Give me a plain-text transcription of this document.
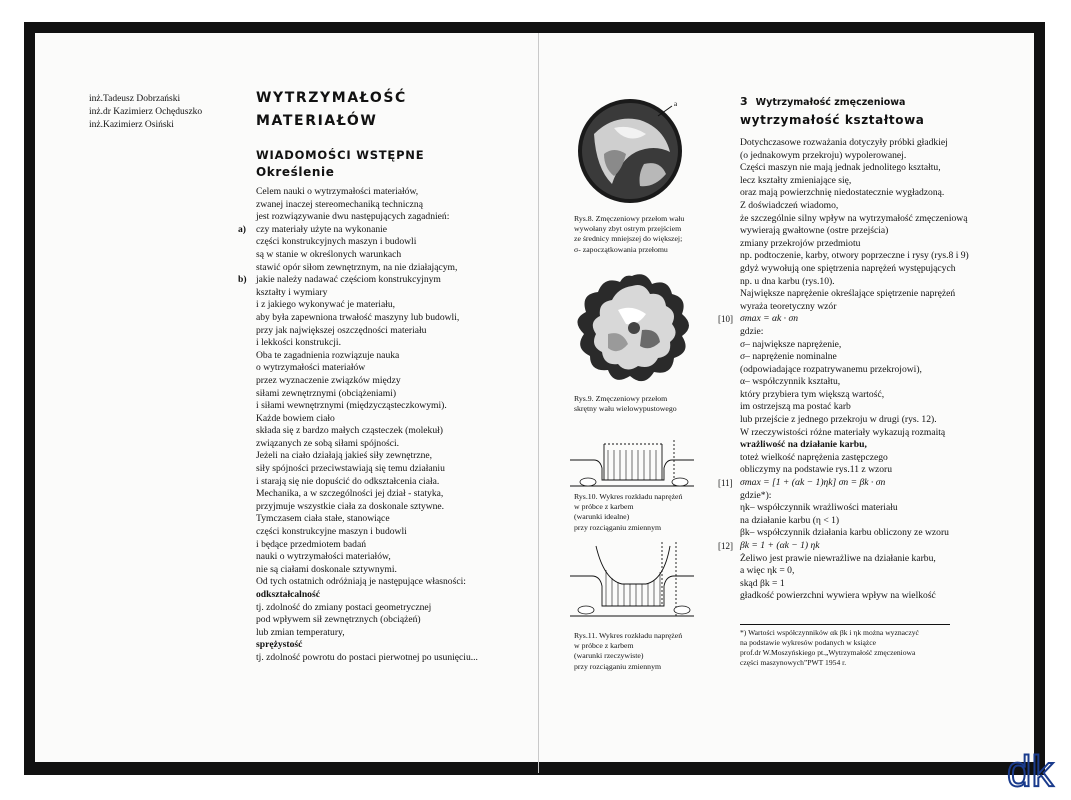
inż.Tadeusz Dobrzański
inż.dr Kazimierz Ochęduszko
inż.Kazimierz Osiński
WYTRZYMAŁOŚĆ
MATERIAŁÓW
WIADOMOŚCI WSTĘPNE
Określenie
Celem nauki o wytrzymałości materiałów,
zwanej inaczej stereomechaniką techniczną
jest rozwiązywanie dwu następujących zagadnień:
a) czy materiały użyte na wykonanie
części konstrukcyjnych maszyn i budowli
są w stanie w określonych warunkach
stawić opór siłom zewnętrznym, na nie działającym,
b) jakie należy nadawać częściom konstrukcyjnym
kształty i wymiary
i z jakiego wykonywać je materiału,
aby była zapewniona trwałość maszyny lub budowli,
przy jak największej oszczędności materiału
i lekkości konstrukcji.
Oba te zagadnienia rozwiązuje nauka
o wytrzymałości materiałów
przez wyznaczenie związków między
siłami zewnętrznymi (obciążeniami)
i siłami wewnętrznymi (międzycząsteczkowymi).
Każde bowiem ciało
składa się z bardzo małych cząsteczek (molekuł)
związanych ze sobą siłami spójności.
Jeżeli na ciało działają jakieś siły zewnętrzne,
siły spójności przeciwstawiają się temu działaniu
i starają się nie dopuścić do odkształcenia ciała.
Mechanika, a w szczególności jej dział - statyka,
przyjmuje wszystkie ciała za doskonale sztywne.
Tymczasem ciała stałe, stanowiące
części konstrukcyjne maszyn i budowli
i będące przedmiotem badań
nauki o wytrzymałości materiałów,
nie są ciałami doskonale sztywnymi.
Od tych ostatnich odróżniają je następujące własności:
odkształcalność
tj. zdolność do zmiany postaci geometrycznej
pod wpływem sił zewnętrznych (obciążeń)
lub zmian temperatury,
sprężystość
tj. zdolność powrotu do postaci pierwotnej po usunięciu...
a
Rys.8. Zmęczeniowy przełom wału
wywołany zbyt ostrym przejściem
ze średnicy mniejszej do większej;
σ- zapoczątkowania przełomu
Rys.9. Zmęczeniowy przełom
skrętny wału wielowypustowego
Rys.10. Wykres rozkładu naprężeń
w próbce z karbem
(warunki idealne)
przy rozciąganiu zmiennym
Rys.11. Wykres rozkładu naprężeń
w próbce z karbem
(warunki rzeczywiste)
przy rozciąganiu zmiennym
3 Wytrzymałość zmęczeniowa
wytrzymałość kształtowa
Dotychczasowe rozważania dotyczyły próbki gładkiej
(o jednakowym przekroju) wypolerowanej.
Części maszyn nie mają jednak jednolitego kształtu,
lecz kształty zmieniające się,
oraz mają powierzchnię niedostatecznie wygładzoną.
Z doświadczeń wiadomo,
że szczególnie silny wpływ na wytrzymałość zmęczeniową
wywierają gwałtowne (ostre przejścia)
zmiany przekrojów przedmiotu
np. podtoczenie, karby, otwory poprzeczne i rysy (rys.8 i 9)
gdyż wywołują one spiętrzenia naprężeń występujących
np. u dna karbu (rys.10).
Największe naprężenie określające spiętrzenie naprężeń
wyraża teoretyczny wzór
[10] σmax = αk · σn
gdzie:
σ– największe naprężenie,
σ– naprężenie nominalne
(odpowiadające rozpatrywanemu przekrojowi),
α– współczynnik kształtu,
który przybiera tym większą wartość,
im ostrzejszą ma postać karb
lub przejście z jednego przekroju w drugi (rys. 12).
W rzeczywistości różne materiały wykazują rozmaitą
wrażliwość na działanie karbu,
toteż wielkość naprężenia zastępczego
obliczymy na podstawie rys.11 z wzoru
[11] σmax = [1 + (αk − 1)ηk] σn = βk · σn
gdzie*):
ηk– współczynnik wrażliwości materiału
na działanie karbu (η < 1)
βk– współczynnik działania karbu obliczony ze wzoru
[12] βk = 1 + (αk − 1) ηk
Żeliwo jest prawie niewrażliwe na działanie karbu,
a więc ηk = 0,
skąd βk = 1
gładkość powierzchni wywiera wpływ na wielkość
*) Wartości współczynników αk βk i ηk można wyznaczyć
na podstawie wykresów podanych w książce
prof.dr W.Moszyńskiego pt.„Wytrzymałość zmęczeniowa
części maszynowych”PWT 1954 r.
dk
